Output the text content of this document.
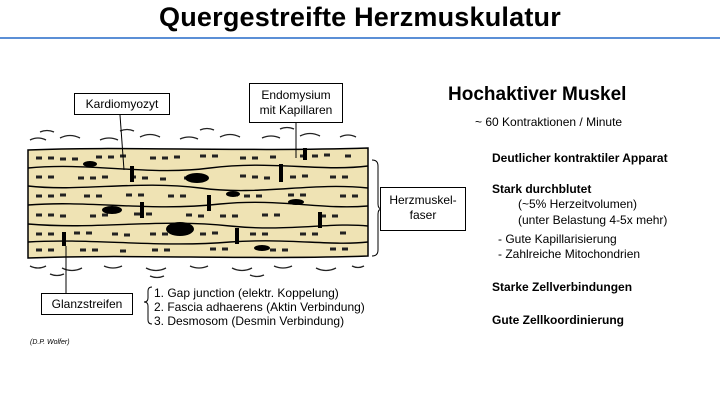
Quergestreifte Herzmuskulatur
Kardiomyozyt
Endomysium
mit Kapillaren
Herzmuskel-
faser
Glanzstreifen
1. Gap junction (elektr. Koppelung)
2. Fascia adhaerens (Aktin Verbindung)
3. Desmosom (Desmin Verbindung)
(D.P. Wolfer)
Hochaktiver Muskel
~ 60 Kontraktionen / Minute
Deutlicher kontraktiler Apparat
Stark durchblutet
(~5% Herzeitvolumen)
(unter Belastung 4-5x mehr)
- Gute Kapillarisierung
- Zahlreiche Mitochondrien
Starke Zellverbindungen
Gute Zellkoordinierung
